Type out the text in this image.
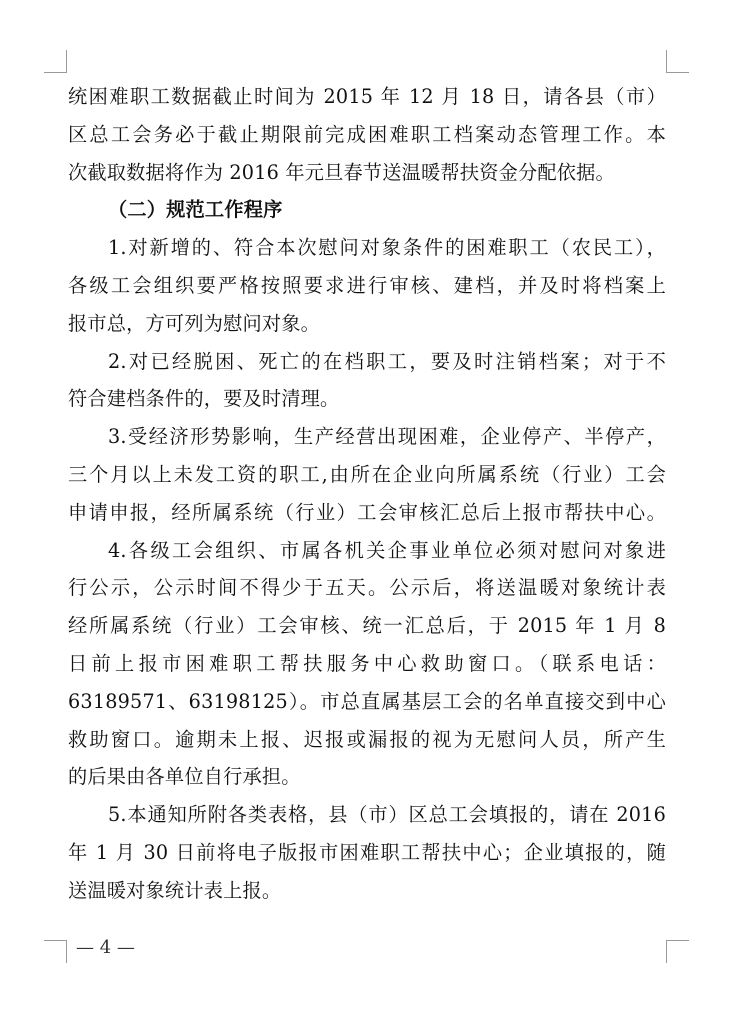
统困难职工数据截止时间为 2015 年 12 月 18 日，请各县（市）
区总工会务必于截止期限前完成困难职工档案动态管理工作。本
次截取数据将作为 2016 年元旦春节送温暖帮扶资金分配依据。
（二）规范工作程序
1.对新增的、符合本次慰问对象条件的困难职工（农民工），
各级工会组织要严格按照要求进行审核、建档，并及时将档案上
报市总，方可列为慰问对象。
2.对已经脱困、死亡的在档职工，要及时注销档案；对于不
符合建档条件的，要及时清理。
3.受经济形势影响，生产经营出现困难，企业停产、半停产，
三个月以上未发工资的职工,由所在企业向所属系统（行业）工会
申请申报，经所属系统（行业）工会审核汇总后上报市帮扶中心。
4.各级工会组织、市属各机关企事业单位必须对慰问对象进
行公示，公示时间不得少于五天。公示后，将送温暖对象统计表
经所属系统（行业）工会审核、统一汇总后，于 2015 年 1 月 8
日前上报市困难职工帮扶服务中心救助窗口。（联系电话：
63189571、63198125）。市总直属基层工会的名单直接交到中心
救助窗口。逾期未上报、迟报或漏报的视为无慰问人员，所产生
的后果由各单位自行承担。
5.本通知所附各类表格，县（市）区总工会填报的，请在 2016
年 1 月 30 日前将电子版报市困难职工帮扶中心；企业填报的，随
送温暖对象统计表上报。
— 4 —
